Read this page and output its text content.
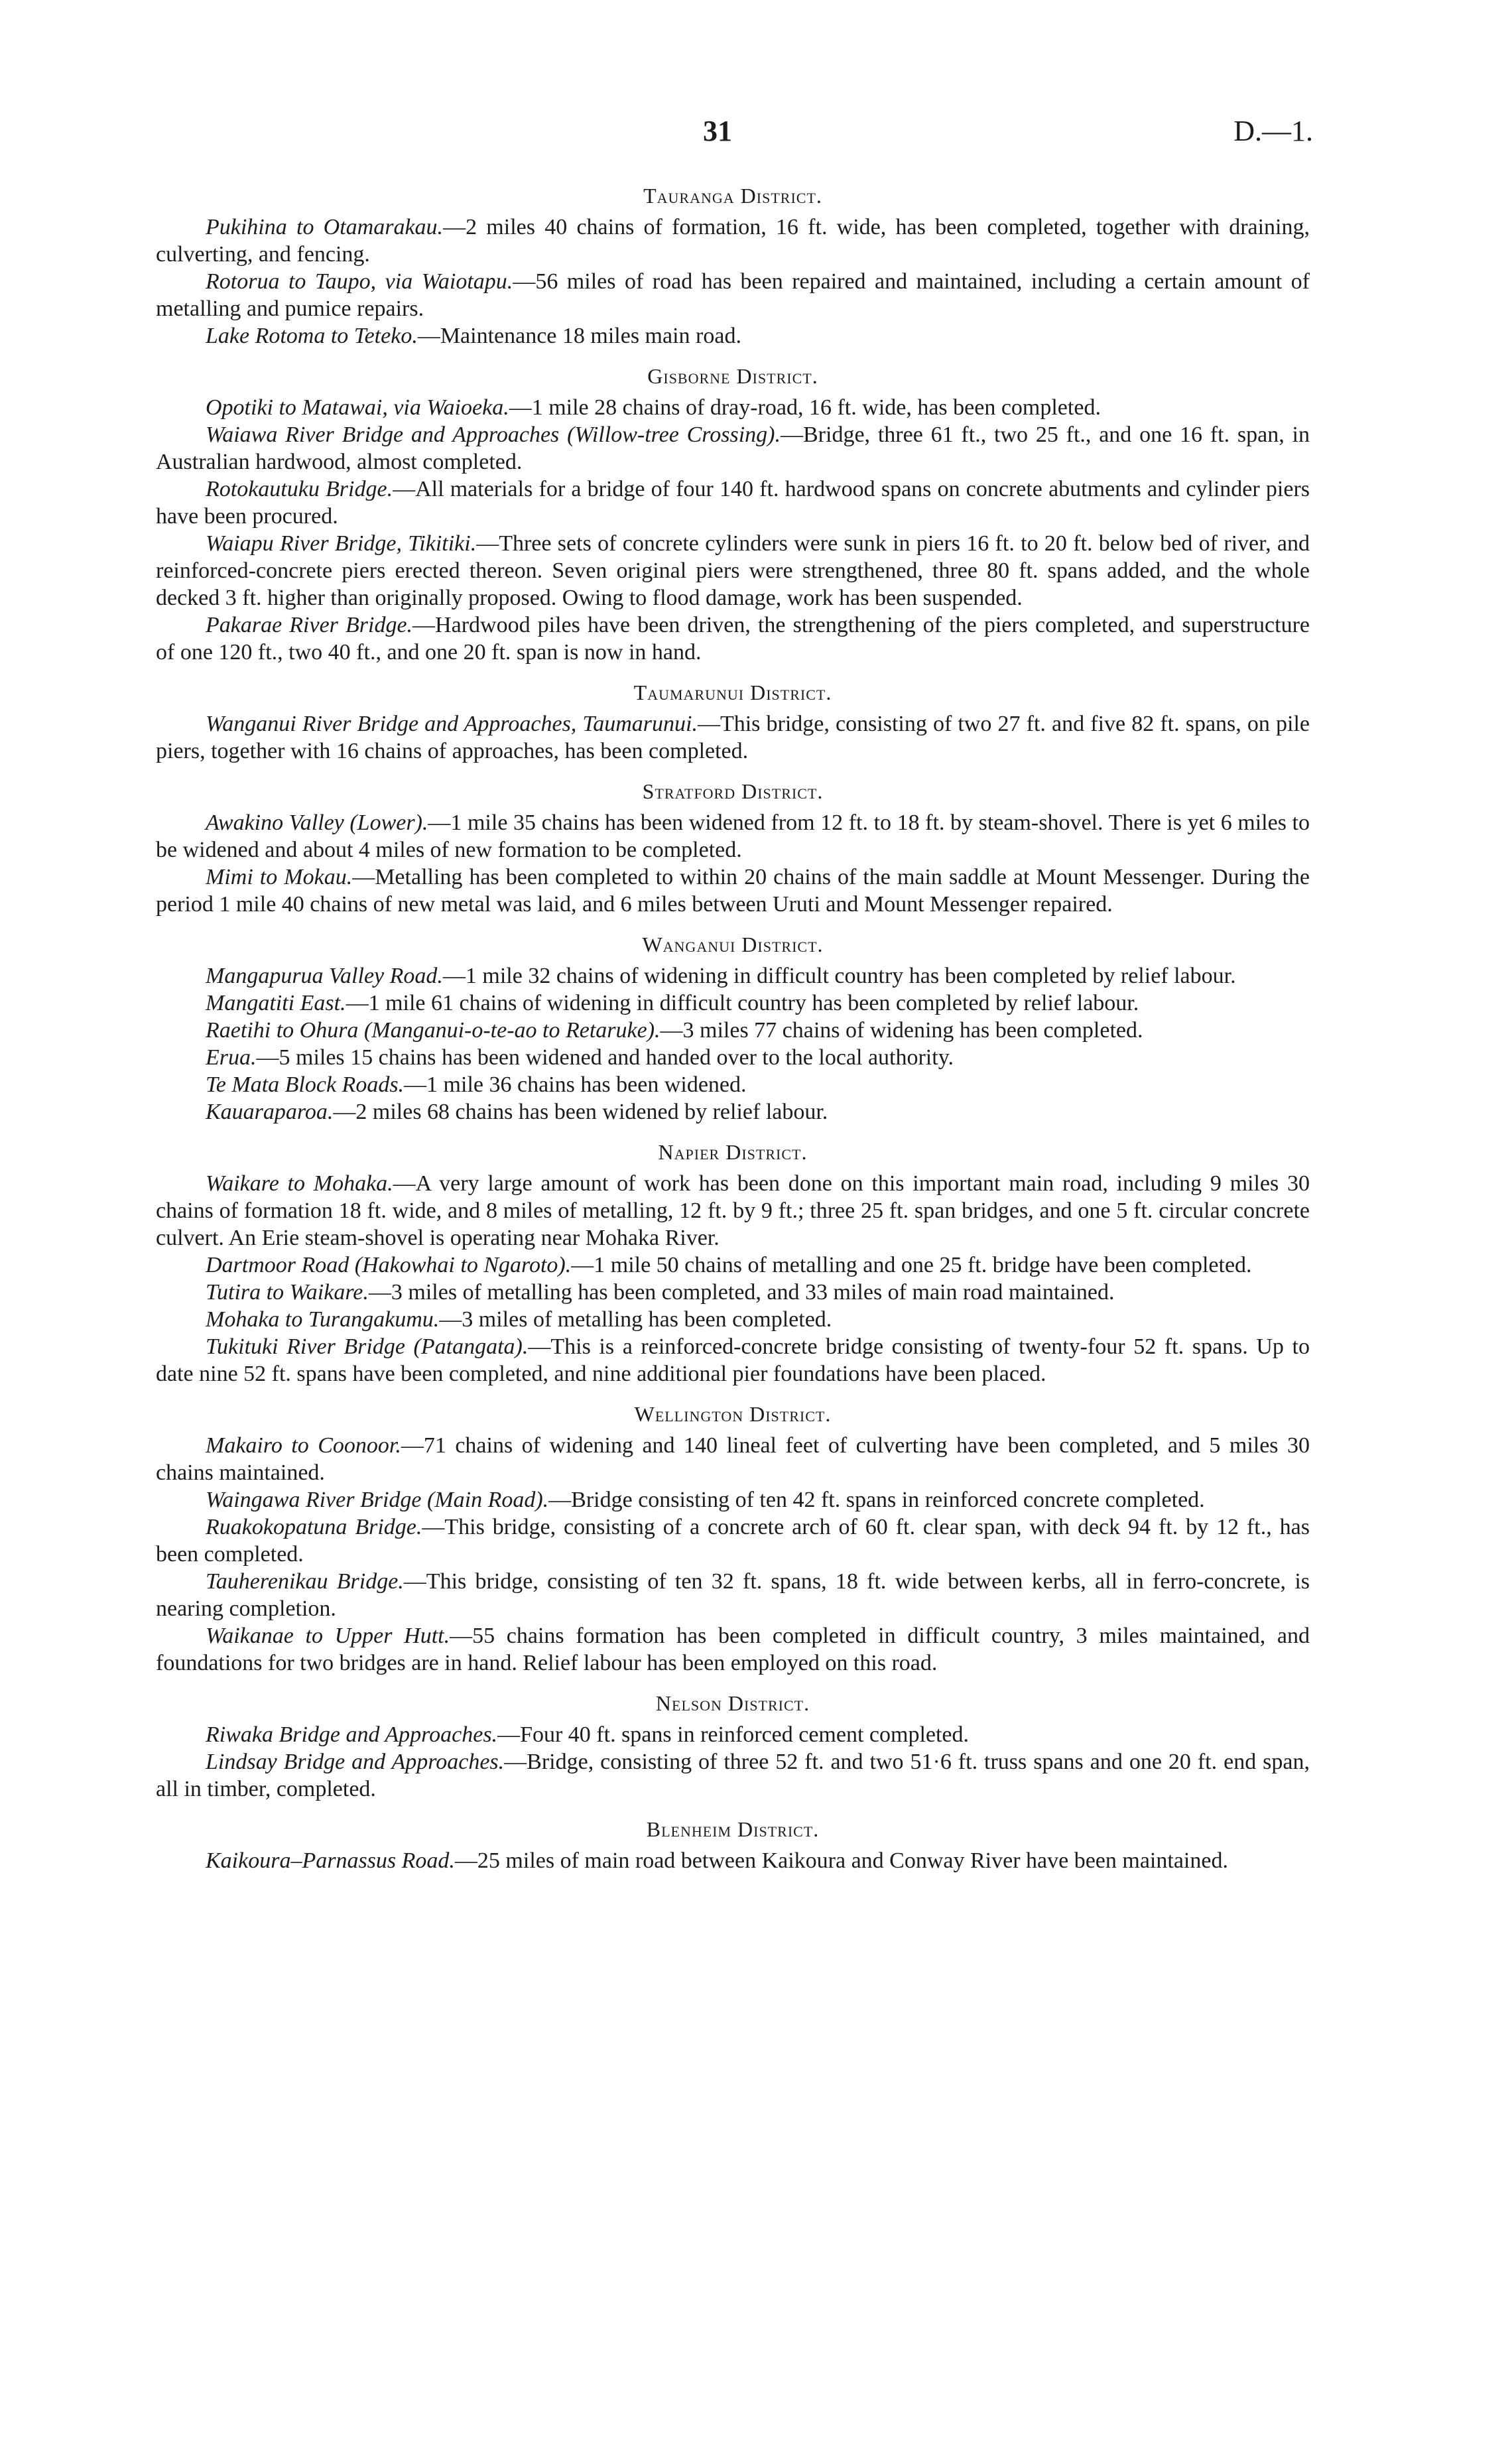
31	D.—1.
Tauranga District.

Pukihina to Otamarakau.—2 miles 40 chains of formation, 16 ft. wide, has been completed, together with draining, culverting, and fencing.

Rotorua to Taupo, via Waiotapu.—56 miles of road has been repaired and maintained, including a certain amount of metalling and pumice repairs.

Lake Rotoma to Teteko.—Maintenance 18 miles main road.

Gisborne District.

Opotiki to Matawai, via Waioeka.—1 mile 28 chains of dray-road, 16 ft. wide, has been completed.

Waiawa River Bridge and Approaches (Willow-tree Crossing).—Bridge, three 61 ft., two 25 ft., and one 16 ft. span, in Australian hardwood, almost completed.

Rotokautuku Bridge.—All materials for a bridge of four 140 ft. hardwood spans on concrete abutments and cylinder piers have been procured.

Waiapu River Bridge, Tikitiki.—Three sets of concrete cylinders were sunk in piers 16 ft. to 20 ft. below bed of river, and reinforced-concrete piers erected thereon. Seven original piers were strengthened, three 80 ft. spans added, and the whole decked 3 ft. higher than originally proposed. Owing to flood damage, work has been suspended.

Pakarae River Bridge.—Hardwood piles have been driven, the strengthening of the piers completed, and superstructure of one 120 ft., two 40 ft., and one 20 ft. span is now in hand.

Taumarunui District.

Wanganui River Bridge and Approaches, Taumarunui.—This bridge, consisting of two 27 ft. and five 82 ft. spans, on pile piers, together with 16 chains of approaches, has been completed.

Stratford District.

Awakino Valley (Lower).—1 mile 35 chains has been widened from 12 ft. to 18 ft. by steam-shovel. There is yet 6 miles to be widened and about 4 miles of new formation to be completed.

Mimi to Mokau.—Metalling has been completed to within 20 chains of the main saddle at Mount Messenger. During the period 1 mile 40 chains of new metal was laid, and 6 miles between Uruti and Mount Messenger repaired.

Wanganui District.

Mangapurua Valley Road.—1 mile 32 chains of widening in difficult country has been completed by relief labour.

Mangatiti East.—1 mile 61 chains of widening in difficult country has been completed by relief labour.

Raetihi to Ohura (Manganui-o-te-ao to Retaruke).—3 miles 77 chains of widening has been completed.

Erua.—5 miles 15 chains has been widened and handed over to the local authority.

Te Mata Block Roads.—1 mile 36 chains has been widened.

Kauaraparoa.—2 miles 68 chains has been widened by relief labour.

Napier District.

Waikare to Mohaka.—A very large amount of work has been done on this important main road, including 9 miles 30 chains of formation 18 ft. wide, and 8 miles of metalling, 12 ft. by 9 ft.; three 25 ft. span bridges, and one 5 ft. circular concrete culvert. An Erie steam-shovel is operating near Mohaka River.

Dartmoor Road (Hakowhai to Ngaroto).—1 mile 50 chains of metalling and one 25 ft. bridge have been completed.

Tutira to Waikare.—3 miles of metalling has been completed, and 33 miles of main road maintained.

Mohaka to Turangakumu.—3 miles of metalling has been completed.

Tukituki River Bridge (Patangata).—This is a reinforced-concrete bridge consisting of twenty-four 52 ft. spans. Up to date nine 52 ft. spans have been completed, and nine additional pier foundations have been placed.

Wellington District.

Makairo to Coonoor.—71 chains of widening and 140 lineal feet of culverting have been completed, and 5 miles 30 chains maintained.

Waingawa River Bridge (Main Road).—Bridge consisting of ten 42 ft. spans in reinforced concrete completed.

Ruakokopatuna Bridge.—This bridge, consisting of a concrete arch of 60 ft. clear span, with deck 94 ft. by 12 ft., has been completed.

Tauherenikau Bridge.—This bridge, consisting of ten 32 ft. spans, 18 ft. wide between kerbs, all in ferro-concrete, is nearing completion.

Waikanae to Upper Hutt.—55 chains formation has been completed in difficult country, 3 miles maintained, and foundations for two bridges are in hand. Relief labour has been employed on this road.

Nelson District.

Riwaka Bridge and Approaches.—Four 40 ft. spans in reinforced cement completed.

Lindsay Bridge and Approaches.—Bridge, consisting of three 52 ft. and two 51·6 ft. truss spans and one 20 ft. end span, all in timber, completed.

Blenheim District.

Kaikoura–Parnassus Road.—25 miles of main road between Kaikoura and Conway River have been maintained.
